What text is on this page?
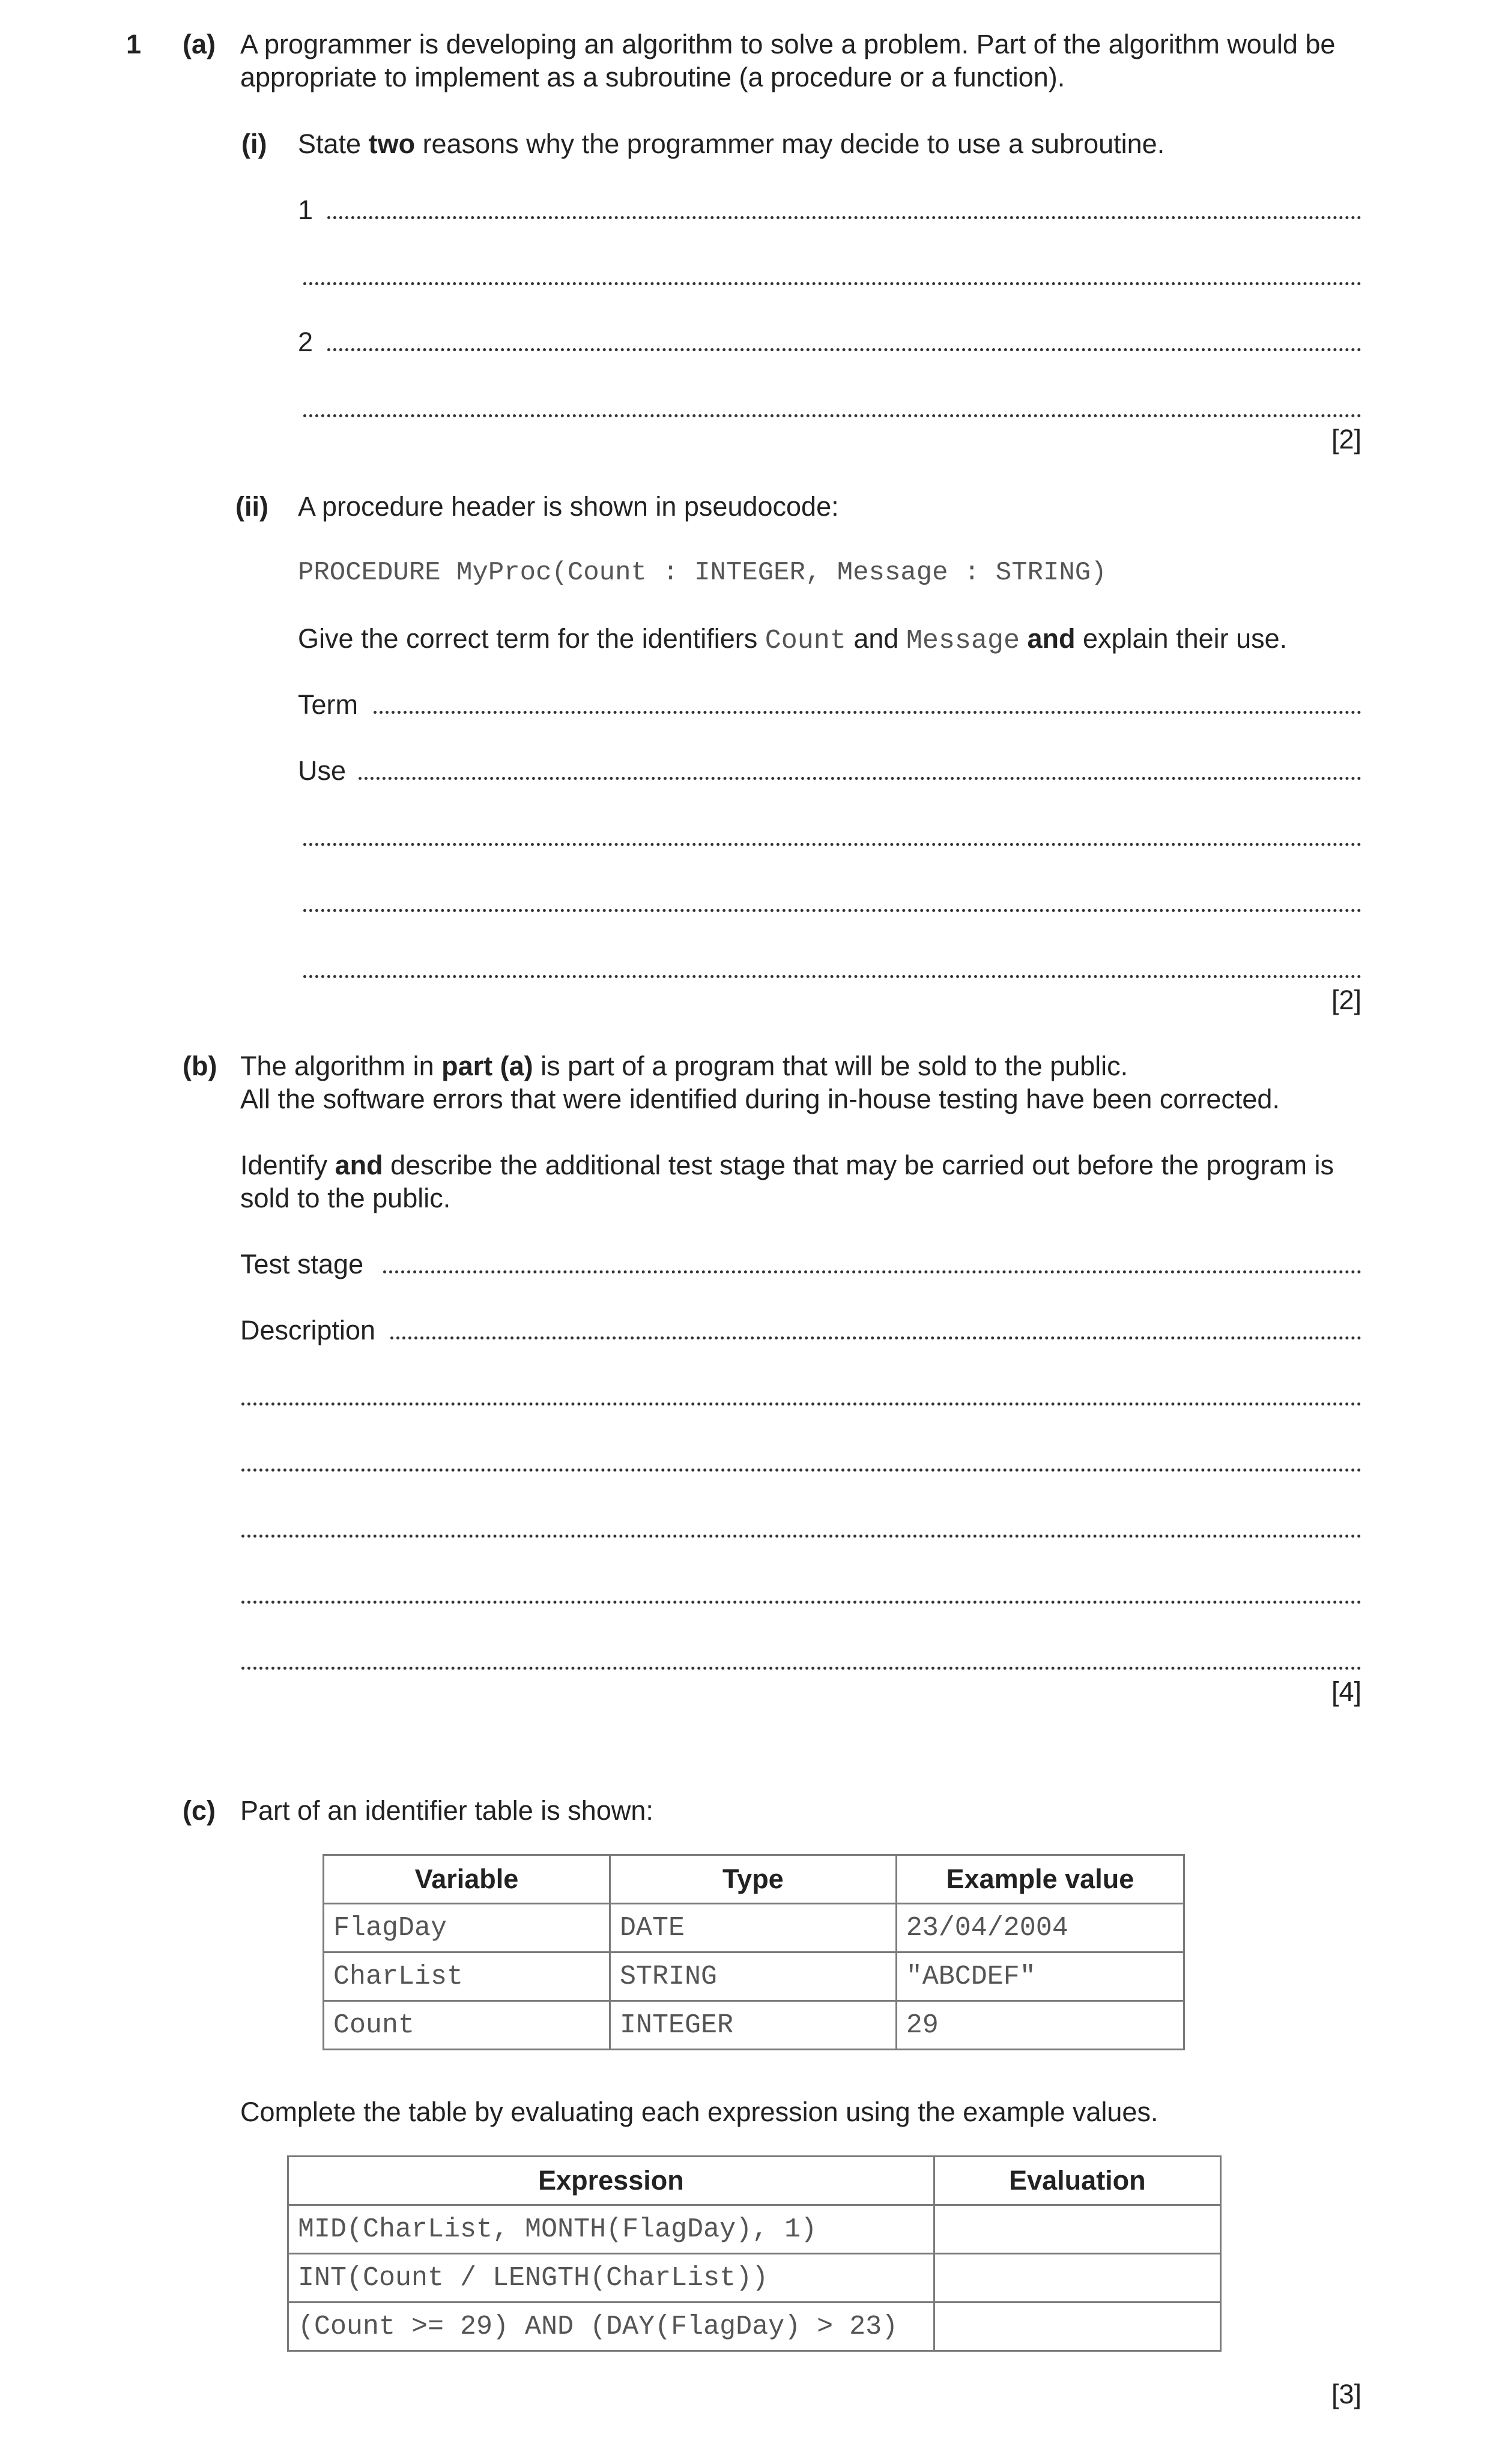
1 (a) A programmer is developing an algorithm to solve a problem. Part of the algorithm would be
appropriate to implement as a subroutine (a procedure or a function).
(i) State two reasons why the programmer may decide to use a subroutine.
1
2
[2]
(ii) A procedure header is shown in pseudocode:
PROCEDURE MyProc(Count : INTEGER, Message : STRING)
Give the correct term for the identifiers Count and Message and explain their use.
Term
Use
[2]
(b) The algorithm in part (a) is part of a program that will be sold to the public.
All the software errors that were identified during in-house testing have been corrected.
Identify and describe the additional test stage that may be carried out before the program is
sold to the public.
Test stage
Description
[4]
(c) Part of an identifier table is shown:
Variable	Type	Example value
FlagDay	DATE	23/04/2004
CharList	STRING	"ABCDEF"
Count	INTEGER	29
Complete the table by evaluating each expression using the example values.
Expression	Evaluation
MID(CharList, MONTH(FlagDay), 1)	
INT(Count / LENGTH(CharList))	
(Count >= 29) AND (DAY(FlagDay) > 23)	
[3]
